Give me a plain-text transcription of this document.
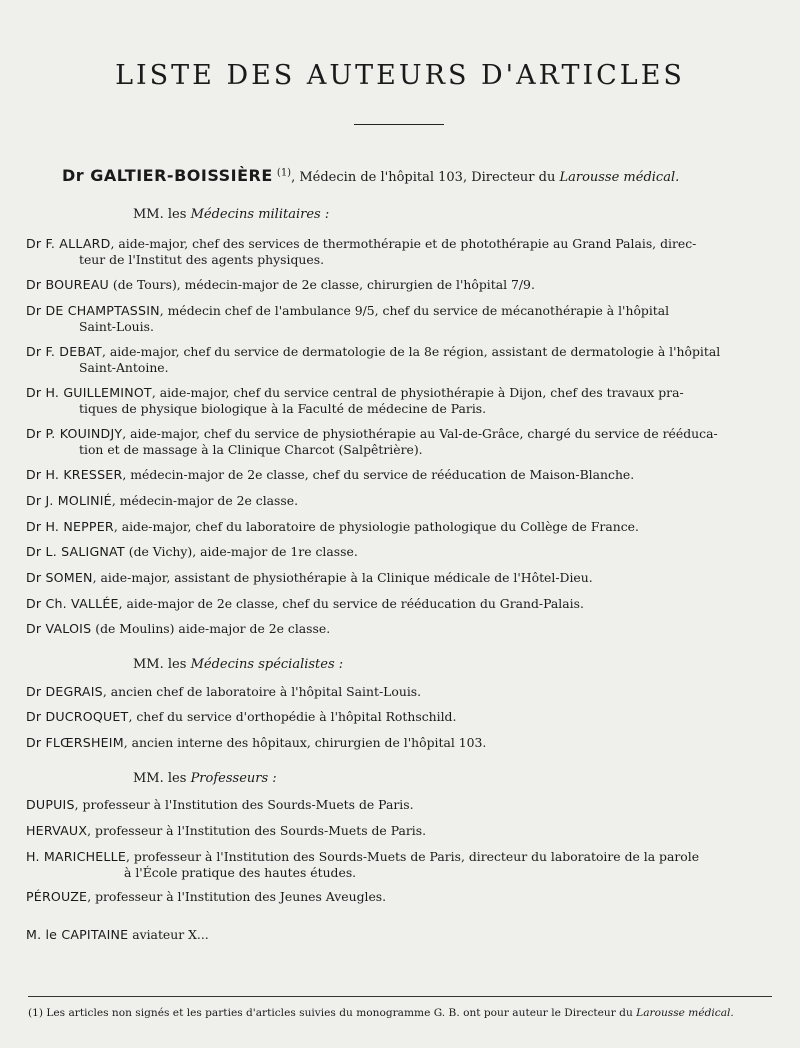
LISTE DES AUTEURS D'ARTICLES
Dr GALTIER-BOISSIÈRE $^{(1)}$, Médecin de l'hôpital 103, Directeur du Larousse médical.
MM. les Médecins militaires :

Dr F. ALLARD, aide-major, chef des services de thermothérapie et de photothérapie au Grand Palais, direc-
teur de l'Institut des agents physiques.

Dr BOUREAU (de Tours), médecin-major de 2e classe, chirurgien de l'hôpital 7/9.

Dr DE CHAMPTASSIN, médecin chef de l'ambulance 9/5, chef du service de mécanothérapie à l'hôpital
Saint-Louis.

Dr F. DEBAT, aide-major, chef du service de dermatologie de la 8e région, assistant de dermatologie à l'hôpital
Saint-Antoine.

Dr H. GUILLEMINOT, aide-major, chef du service central de physiothérapie à Dijon, chef des travaux pra-
tiques de physique biologique à la Faculté de médecine de Paris.

Dr P. KOUINDJY, aide-major, chef du service de physiothérapie au Val-de-Grâce, chargé du service de rééduca-
tion et de massage à la Clinique Charcot (Salpêtrière).

Dr H. KRESSER, médecin-major de 2e classe, chef du service de rééducation de Maison-Blanche.

Dr J. MOLINIÉ, médecin-major de 2e classe.

Dr H. NEPPER, aide-major, chef du laboratoire de physiologie pathologique du Collège de France.

Dr L. SALIGNAT (de Vichy), aide-major de 1re classe.

Dr SOMEN, aide-major, assistant de physiothérapie à la Clinique médicale de l'Hôtel-Dieu.

Dr Ch. VALLÉE, aide-major de 2e classe, chef du service de rééducation du Grand-Palais.

Dr VALOIS (de Moulins) aide-major de 2e classe.

MM. les Médecins spécialistes :

Dr DEGRAIS, ancien chef de laboratoire à l'hôpital Saint-Louis.

Dr DUCROQUET, chef du service d'orthopédie à l'hôpital Rothschild.

Dr FLŒRSHEIM, ancien interne des hôpitaux, chirurgien de l'hôpital 103.

MM. les Professeurs :

DUPUIS, professeur à l'Institution des Sourds-Muets de Paris.

HERVAUX, professeur à l'Institution des Sourds-Muets de Paris.

H. MARICHELLE, professeur à l'Institution des Sourds-Muets de Paris, directeur du laboratoire de la parole
à l'École pratique des hautes études.

PÉROUZE, professeur à l'Institution des Jeunes Aveugles.

M. le CAPITAINE aviateur X...

(1) Les articles non signés et les parties d'articles suivies du monogramme G. B. ont pour auteur le Directeur du Larousse médical.
